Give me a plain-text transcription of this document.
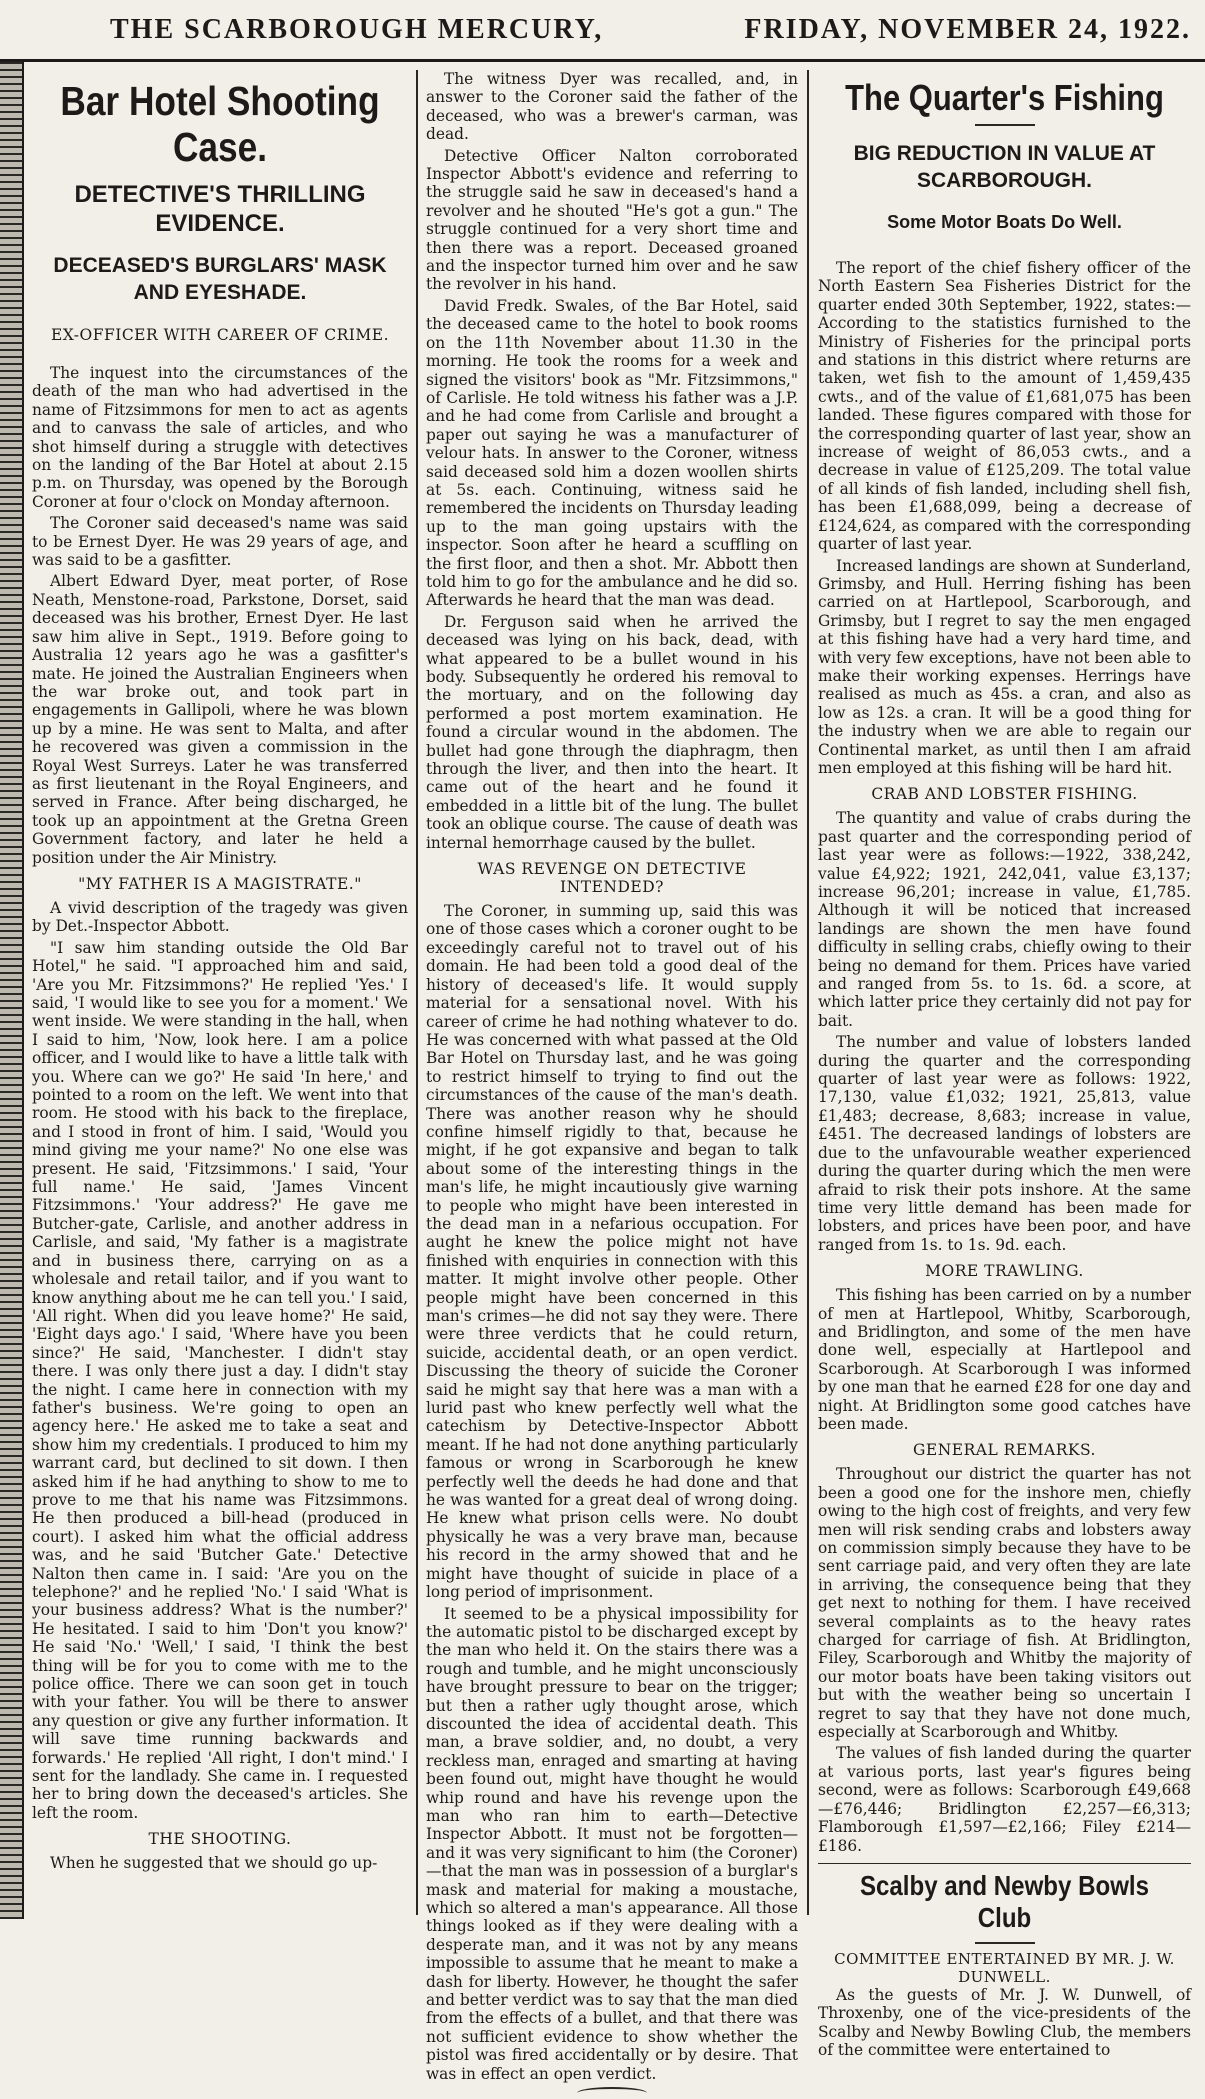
THE SCARBOROUGH MERCURY,	FRIDAY, NOVEMBER 24, 1922.
Bar Hotel Shooting Case.
DETECTIVE'S THRILLING EVIDENCE.
DECEASED'S BURGLARS' MASK AND EYESHADE.
EX-OFFICER WITH CAREER OF CRIME.

The inquest into the circumstances of the death of the man who had advertised in the name of Fitzsimmons for men to act as agents and to canvass the sale of articles, and who shot himself during a struggle with detectives on the landing of the Bar Hotel at about 2.15 p.m. on Thursday, was opened by the Borough Coroner at four o'clock on Monday afternoon.

The Coroner said deceased's name was said to be Ernest Dyer. He was 29 years of age, and was said to be a gasfitter.

Albert Edward Dyer, meat porter, of Rose Neath, Menstone-road, Parkstone, Dorset, said deceased was his brother, Ernest Dyer. He last saw him alive in Sept., 1919. Before going to Australia 12 years ago he was a gasfitter's mate. He joined the Australian Engineers when the war broke out, and took part in engagements in Gallipoli, where he was blown up by a mine. He was sent to Malta, and after he recovered was given a commission in the Royal West Surreys. Later he was transferred as first lieutenant in the Royal Engineers, and served in France. After being discharged, he took up an appointment at the Gretna Green Government factory, and later he held a position under the Air Ministry.

"MY FATHER IS A MAGISTRATE."

A vivid description of the tragedy was given by Det.-Inspector Abbott.

"I saw him standing outside the Old Bar Hotel," he said. "I approached him and said, 'Are you Mr. Fitzsimmons?' He replied 'Yes.' I said, 'I would like to see you for a moment.' We went inside. We were standing in the hall, when I said to him, 'Now, look here. I am a police officer, and I would like to have a little talk with you. Where can we go?' He said 'In here,' and pointed to a room on the left. We went into that room. He stood with his back to the fireplace, and I stood in front of him. I said, 'Would you mind giving me your name?' No one else was present. He said, 'Fitzsimmons.' I said, 'Your full name.' He said, 'James Vincent Fitzsimmons.' 'Your address?' He gave me Butcher-gate, Carlisle, and another address in Carlisle, and said, 'My father is a magistrate and in business there, carrying on as a wholesale and retail tailor, and if you want to know anything about me he can tell you.' I said, 'All right. When did you leave home?' He said, 'Eight days ago.' I said, 'Where have you been since?' He said, 'Manchester. I didn't stay there. I was only there just a day. I didn't stay the night. I came here in connection with my father's business. We're going to open an agency here.' He asked me to take a seat and show him my credentials. I produced to him my warrant card, but declined to sit down. I then asked him if he had anything to show to me to prove to me that his name was Fitzsimmons. He then produced a bill-head (produced in court). I asked him what the official address was, and he said 'Butcher Gate.' Detective Nalton then came in. I said: 'Are you on the telephone?' and he replied 'No.' I said 'What is your business address? What is the number?' He hesitated. I said to him 'Don't you know?' He said 'No.' 'Well,' I said, 'I think the best thing will be for you to come with me to the police office. There we can soon get in touch with your father. You will be there to answer any question or give any further information. It will save time running backwards and forwards.' He replied 'All right, I don't mind.' I sent for the landlady. She came in. I requested her to bring down the deceased's articles. She left the room.

THE SHOOTING.

When he suggested that we should go up-

The witness Dyer was recalled, and, in answer to the Coroner said the father of the deceased, who was a brewer's carman, was dead.

Detective Officer Nalton corroborated Inspector Abbott's evidence and referring to the struggle said he saw in deceased's hand a revolver and he shouted "He's got a gun." The struggle continued for a very short time and then there was a report. Deceased groaned and the inspector turned him over and he saw the revolver in his hand.

David Fredk. Swales, of the Bar Hotel, said the deceased came to the hotel to book rooms on the 11th November about 11.30 in the morning. He took the rooms for a week and signed the visitors' book as "Mr. Fitzsimmons," of Carlisle. He told witness his father was a J.P. and he had come from Carlisle and brought a paper out saying he was a manufacturer of velour hats. In answer to the Coroner, witness said deceased sold him a dozen woollen shirts at 5s. each. Continuing, witness said he remembered the incidents on Thursday leading up to the man going upstairs with the inspector. Soon after he heard a scuffling on the first floor, and then a shot. Mr. Abbott then told him to go for the ambulance and he did so. Afterwards he heard that the man was dead.

Dr. Ferguson said when he arrived the deceased was lying on his back, dead, with what appeared to be a bullet wound in his body. Subsequently he ordered his removal to the mortuary, and on the following day performed a post mortem examination. He found a circular wound in the abdomen. The bullet had gone through the diaphragm, then through the liver, and then into the heart. It came out of the heart and he found it embedded in a little bit of the lung. The bullet took an oblique course. The cause of death was internal hemorrhage caused by the bullet.

WAS REVENGE ON DETECTIVE INTENDED?

The Coroner, in summing up, said this was one of those cases which a coroner ought to be exceedingly careful not to travel out of his domain. He had been told a good deal of the history of deceased's life. It would supply material for a sensational novel. With his career of crime he had nothing whatever to do. He was concerned with what passed at the Old Bar Hotel on Thursday last, and he was going to restrict himself to trying to find out the circumstances of the cause of the man's death. There was another reason why he should confine himself rigidly to that, because he might, if he got expansive and began to talk about some of the interesting things in the man's life, he might incautiously give warning to people who might have been interested in the dead man in a nefarious occupation. For aught he knew the police might not have finished with enquiries in connection with this matter. It might involve other people. Other people might have been concerned in this man's crimes—he did not say they were. There were three verdicts that he could return, suicide, accidental death, or an open verdict. Discussing the theory of suicide the Coroner said he might say that here was a man with a lurid past who knew perfectly well what the catechism by Detective-Inspector Abbott meant. If he had not done anything particularly famous or wrong in Scarborough he knew perfectly well the deeds he had done and that he was wanted for a great deal of wrong doing. He knew what prison cells were. No doubt physically he was a very brave man, because his record in the army showed that and he might have thought of suicide in place of a long period of imprisonment.

It seemed to be a physical impossibility for the automatic pistol to be discharged except by the man who held it. On the stairs there was a rough and tumble, and he might unconsciously have brought pressure to bear on the trigger; but then a rather ugly thought arose, which discounted the idea of accidental death. This man, a brave soldier, and, no doubt, a very reckless man, enraged and smarting at having been found out, might have thought he would whip round and have his revenge upon the man who ran him to earth—Detective Inspector Abbott. It must not be forgotten—and it was very significant to him (the Coroner)—that the man was in possession of a burglar's mask and material for making a moustache, which so altered a man's appearance. All those things looked as if they were dealing with a desperate man, and it was not by any means impossible to assume that he meant to make a dash for liberty. However, he thought the safer and better verdict was to say that the man died from the effects of a bullet, and that there was not sufficient evidence to show whether the pistol was fired accidentally or by desire. That was in effect an open verdict.

The Quarter's Fishing
BIG REDUCTION IN VALUE AT SCARBOROUGH.
Some Motor Boats Do Well.

The report of the chief fishery officer of the North Eastern Sea Fisheries District for the quarter ended 30th September, 1922, states:—According to the statistics furnished to the Ministry of Fisheries for the principal ports and stations in this district where returns are taken, wet fish to the amount of 1,459,435 cwts., and of the value of £1,681,075 has been landed. These figures compared with those for the corresponding quarter of last year, show an increase of weight of 86,053 cwts., and a decrease in value of £125,209. The total value of all kinds of fish landed, including shell fish, has been £1,688,099, being a decrease of £124,624, as compared with the corresponding quarter of last year.

Increased landings are shown at Sunderland, Grimsby, and Hull. Herring fishing has been carried on at Hartlepool, Scarborough, and Grimsby, but I regret to say the men engaged at this fishing have had a very hard time, and with very few exceptions, have not been able to make their working expenses. Herrings have realised as much as 45s. a cran, and also as low as 12s. a cran. It will be a good thing for the industry when we are able to regain our Continental market, as until then I am afraid men employed at this fishing will be hard hit.

CRAB AND LOBSTER FISHING.

The quantity and value of crabs during the past quarter and the corresponding period of last year were as follows:—1922, 338,242, value £4,922; 1921, 242,041, value £3,137; increase 96,201; increase in value, £1,785. Although it will be noticed that increased landings are shown the men have found difficulty in selling crabs, chiefly owing to their being no demand for them. Prices have varied and ranged from 5s. to 1s. 6d. a score, at which latter price they certainly did not pay for bait.

The number and value of lobsters landed during the quarter and the corresponding quarter of last year were as follows: 1922, 17,130, value £1,032; 1921, 25,813, value £1,483; decrease, 8,683; increase in value, £451. The decreased landings of lobsters are due to the unfavourable weather experienced during the quarter during which the men were afraid to risk their pots inshore. At the same time very little demand has been made for lobsters, and prices have been poor, and have ranged from 1s. to 1s. 9d. each.

MORE TRAWLING.

This fishing has been carried on by a number of men at Hartlepool, Whitby, Scarborough, and Bridlington, and some of the men have done well, especially at Hartlepool and Scarborough. At Scarborough I was informed by one man that he earned £28 for one day and night. At Bridlington some good catches have been made.

GENERAL REMARKS.

Throughout our district the quarter has not been a good one for the inshore men, chiefly owing to the high cost of freights, and very few men will risk sending crabs and lobsters away on commission simply because they have to be sent carriage paid, and very often they are late in arriving, the consequence being that they get next to nothing for them. I have received several complaints as to the heavy rates charged for carriage of fish. At Bridlington, Filey, Scarborough and Whitby the majority of our motor boats have been taking visitors out but with the weather being so uncertain I regret to say that they have not done much, especially at Scarborough and Whitby.

The values of fish landed during the quarter at various ports, last year's figures being second, were as follows: Scarborough £49,668—£76,446; Bridlington £2,257—£6,313; Flamborough £1,597—£2,166; Filey £214—£186.

Scalby and Newby Bowls Club
COMMITTEE ENTERTAINED BY MR. J. W. DUNWELL.

As the guests of Mr. J. W. Dunwell, of Throxenby, one of the vice-presidents of the Scalby and Newby Bowling Club, the members of the committee were entertained to
